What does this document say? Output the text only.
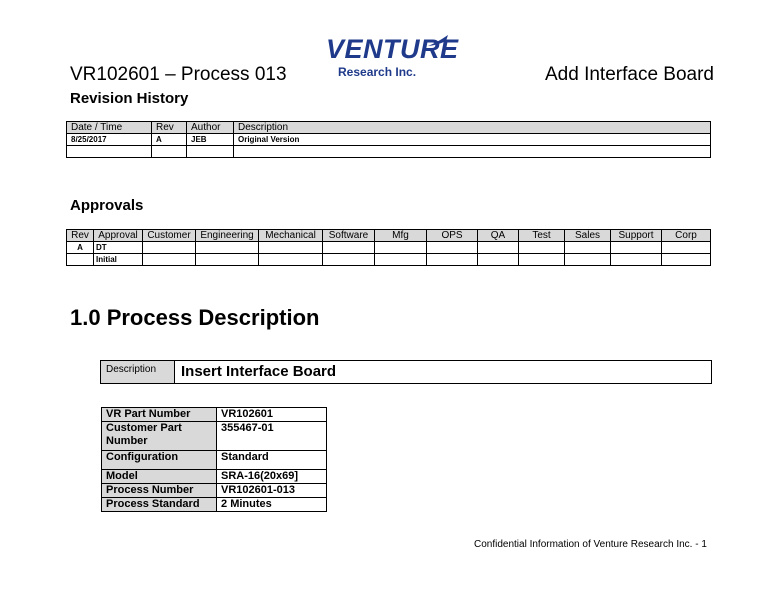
VR102601 – Process 013
VENTURE
Research Inc.	Add Interface Board
Revision History
Date / Time	Rev	Author	Description
8/25/2017	A	JEB	Original Version

Approvals
Rev	Approval	Customer	Engineering	Mechanical	Software	Mfg	OPS	QA	Test	Sales	Support	Corp
A	DT											
	Initial											
1.0 Process Description
Description	Insert Interface Board
VR Part Number	VR102601
Customer Part Number	355467-01
Configuration	Standard
Model	SRA-16(20x69]
Process Number	VR102601-013
Process Standard	2 Minutes
Confidential Information of Venture Research Inc. - 1
